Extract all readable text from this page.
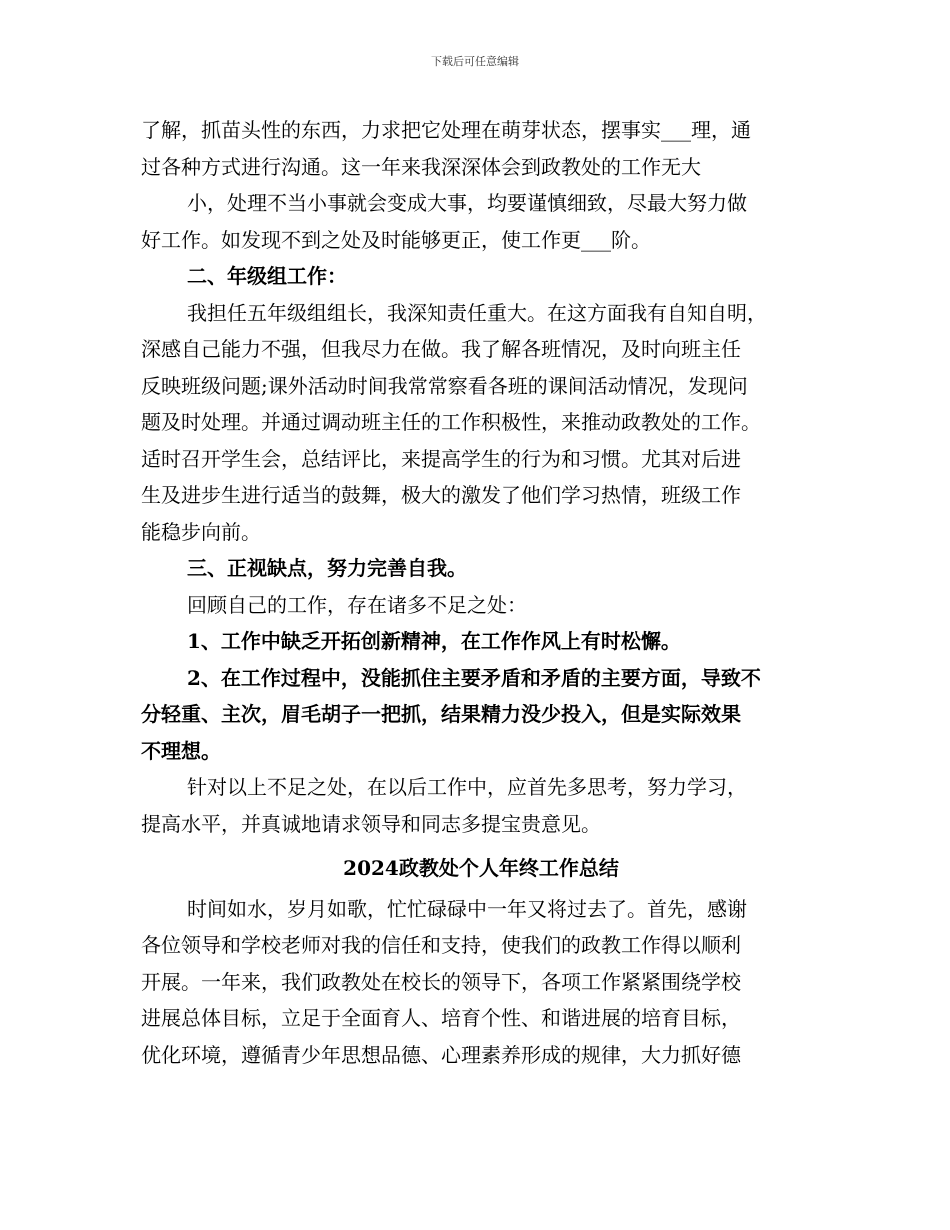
下载后可任意编辑
了解，抓苗头性的东西，力求把它处理在萌芽状态，摆事实___理，通
过各种方式进行沟通。这一年来我深深体会到政教处的工作无大
小，处理不当小事就会变成大事，均要谨慎细致，尽最大努力做
好工作。如发现不到之处及时能够更正，使工作更___阶。
二、年级组工作：
我担任五年级组组长，我深知责任重大。在这方面我有自知自明，
深感自己能力不强，但我尽力在做。我了解各班情况，及时向班主任
反映班级问题;课外活动时间我常常察看各班的课间活动情况，发现问
题及时处理。并通过调动班主任的工作积极性，来推动政教处的工作。
适时召开学生会，总结评比，来提高学生的行为和习惯。尤其对后进
生及进步生进行适当的鼓舞，极大的激发了他们学习热情，班级工作
能稳步向前。
三、正视缺点，努力完善自我。
回顾自己的工作，存在诸多不足之处：
1、工作中缺乏开拓创新精神，在工作作风上有时松懈。
2、在工作过程中，没能抓住主要矛盾和矛盾的主要方面，导致不
分轻重、主次，眉毛胡子一把抓，结果精力没少投入，但是实际效果
不理想。
针对以上不足之处，在以后工作中，应首先多思考，努力学习，
提高水平，并真诚地请求领导和同志多提宝贵意见。
2024政教处个人年终工作总结
时间如水，岁月如歌，忙忙碌碌中一年又将过去了。首先，感谢
各位领导和学校老师对我的信任和支持，使我们的政教工作得以顺利
开展。一年来，我们政教处在校长的领导下，各项工作紧紧围绕学校
进展总体目标，立足于全面育人、培育个性、和谐进展的培育目标，
优化环境，遵循青少年思想品德、心理素养形成的规律，大力抓好德
